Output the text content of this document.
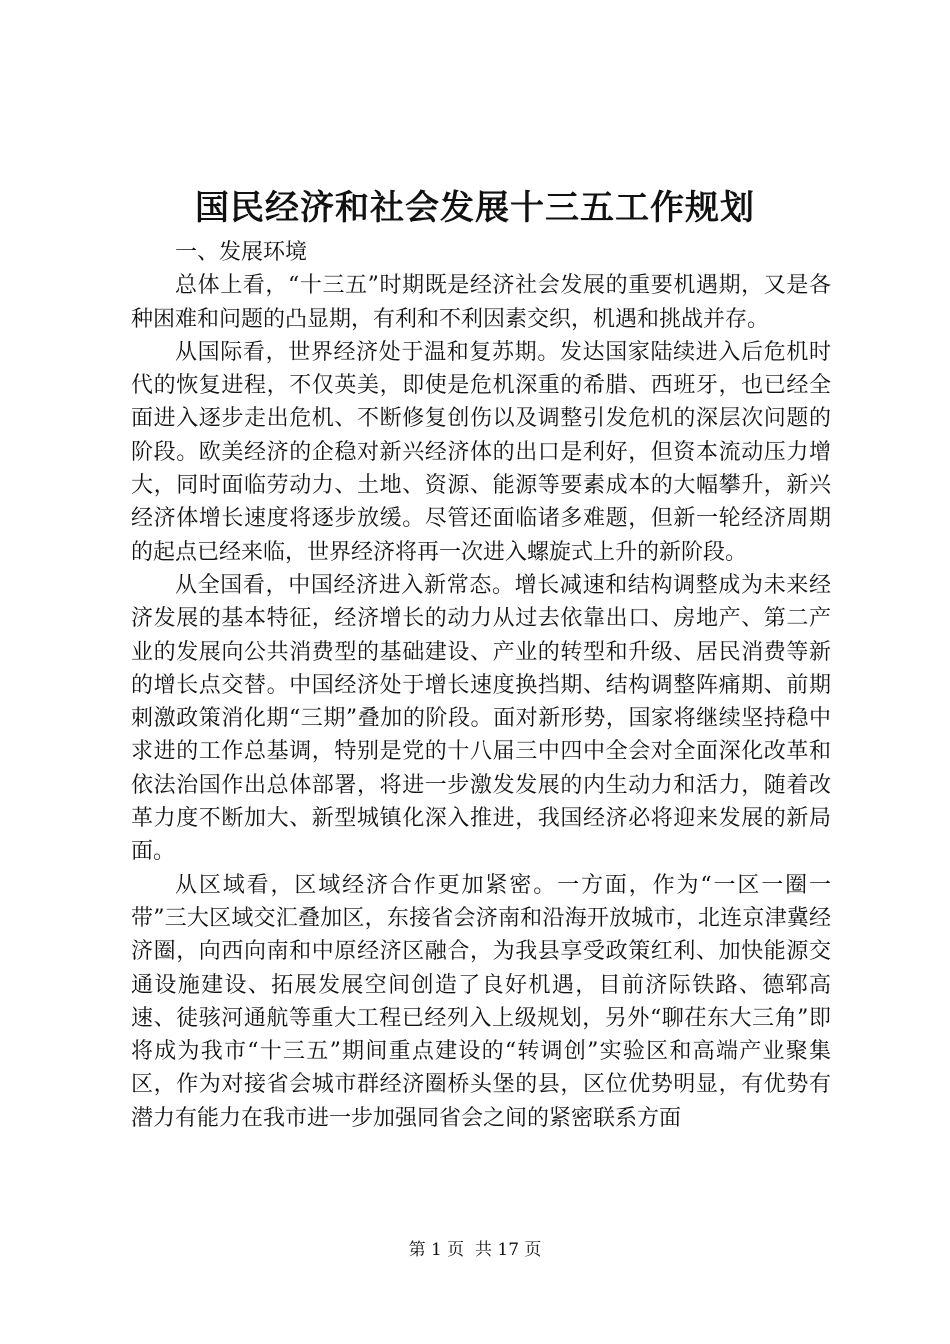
国民经济和社会发展十三五工作规划

一、发展环境

总体上看，“十三五”时期既是经济社会发展的重要机遇期，又是各种困难和问题的凸显期，有利和不利因素交织，机遇和挑战并存。

从国际看，世界经济处于温和复苏期。发达国家陆续进入后危机时代的恢复进程，不仅英美，即使是危机深重的希腊、西班牙，也已经全面进入逐步走出危机、不断修复创伤以及调整引发危机的深层次问题的阶段。欧美经济的企稳对新兴经济体的出口是利好，但资本流动压力增大，同时面临劳动力、土地、资源、能源等要素成本的大幅攀升，新兴经济体增长速度将逐步放缓。尽管还面临诸多难题，但新一轮经济周期的起点已经来临，世界经济将再一次进入螺旋式上升的新阶段。

从全国看，中国经济进入新常态。增长减速和结构调整成为未来经济发展的基本特征，经济增长的动力从过去依靠出口、房地产、第二产业的发展向公共消费型的基础建设、产业的转型和升级、居民消费等新的增长点交替。中国经济处于增长速度换挡期、结构调整阵痛期、前期刺激政策消化期“三期”叠加的阶段。面对新形势，国家将继续坚持稳中求进的工作总基调，特别是党的十八届三中四中全会对全面深化改革和依法治国作出总体部署，将进一步激发发展的内生动力和活力，随着改革力度不断加大、新型城镇化深入推进，我国经济必将迎来发展的新局面。

从区域看，区域经济合作更加紧密。一方面，作为“一区一圈一带”三大区域交汇叠加区，东接省会济南和沿海开放城市，北连京津冀经济圈，向西向南和中原经济区融合，为我县享受政策红利、加快能源交通设施建设、拓展发展空间创造了良好机遇，目前济际铁路、德郓高速、徒骇河通航等重大工程已经列入上级规划，另外“聊茌东大三角”即将成为我市“十三五”期间重点建设的“转调创”实验区和高端产业聚集区，作为对接省会城市群经济圈桥头堡的县，区位优势明显，有优势有潜力有能力在我市进一步加强同省会之间的紧密联系方面

第 1 页  共 17 页
